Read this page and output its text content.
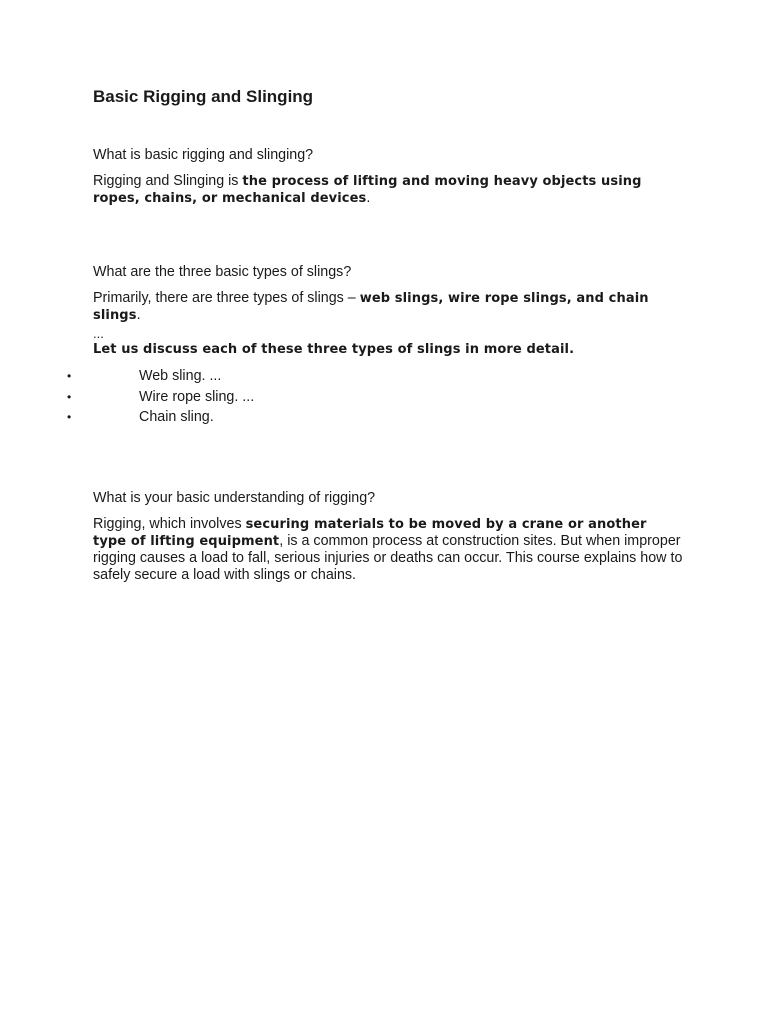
Basic Rigging and Slinging

What is basic rigging and slinging?

Rigging and Slinging is the process of lifting and moving heavy objects using ropes, chains, or mechanical devices.

What are the three basic types of slings?

Primarily, there are three types of slings – web slings, wire rope slings, and chain slings.

...

Let us discuss each of these three types of slings in more detail.

•	Web sling. ...
•	Wire rope sling. ...
•	Chain sling.

What is your basic understanding of rigging?

Rigging, which involves securing materials to be moved by a crane or another type of lifting equipment, is a common process at construction sites. But when improper rigging causes a load to fall, serious injuries or deaths can occur. This course explains how to safely secure a load with slings or chains.
